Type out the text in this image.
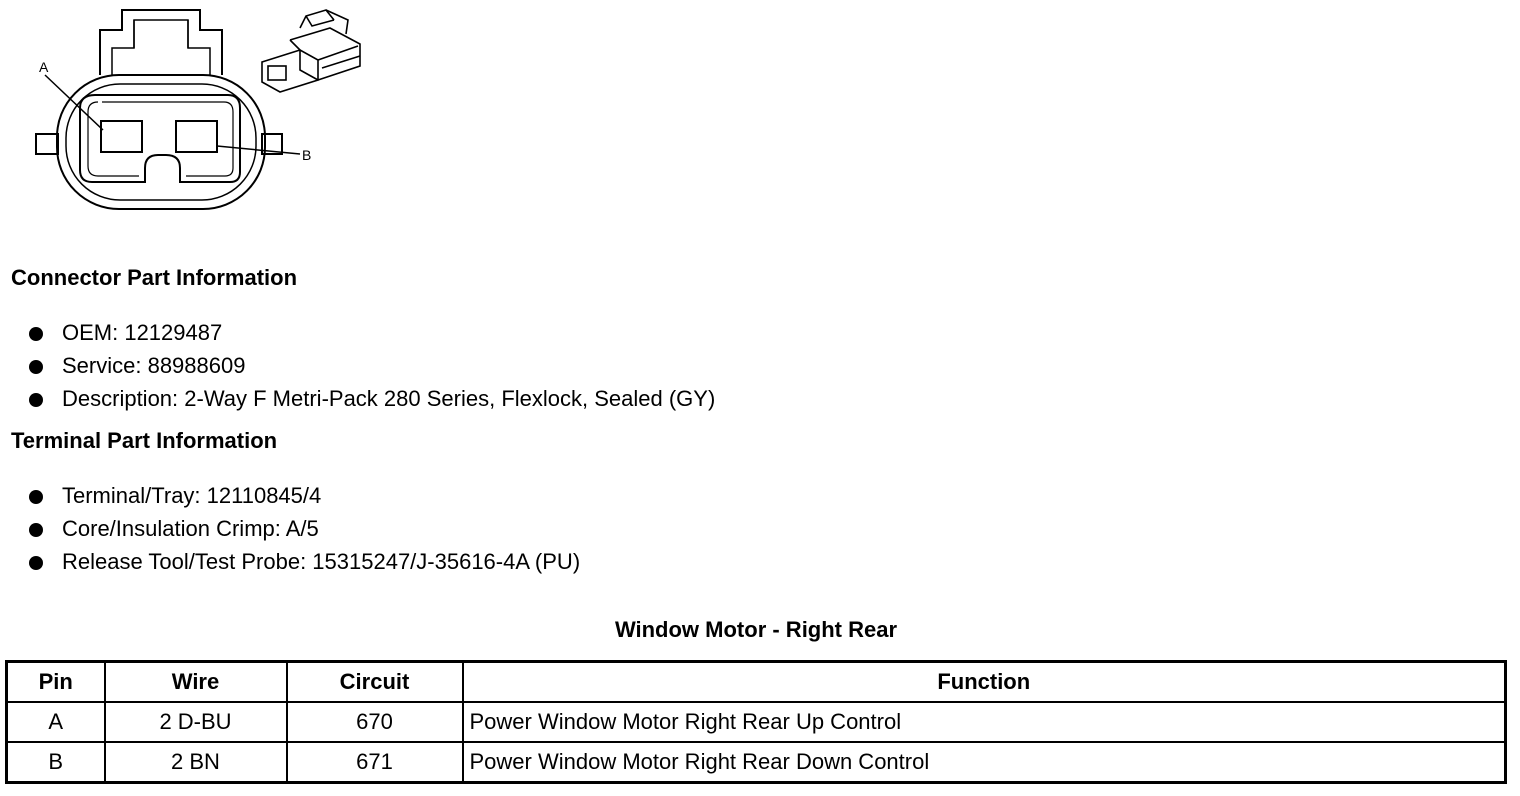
A
B
Connector Part Information
OEM: 12129487
Service: 88988609
Description: 2-Way F Metri-Pack 280 Series, Flexlock, Sealed (GY)
Terminal Part Information
Terminal/Tray: 12110845/4
Core/Insulation Crimp: A/5
Release Tool/Test Probe: 15315247/J-35616-4A (PU)
Window Motor - Right Rear
Pin	Wire	Circuit	Function
A	2 D-BU	670	Power Window Motor Right Rear Up Control
B	2 BN	671	Power Window Motor Right Rear Down Control
